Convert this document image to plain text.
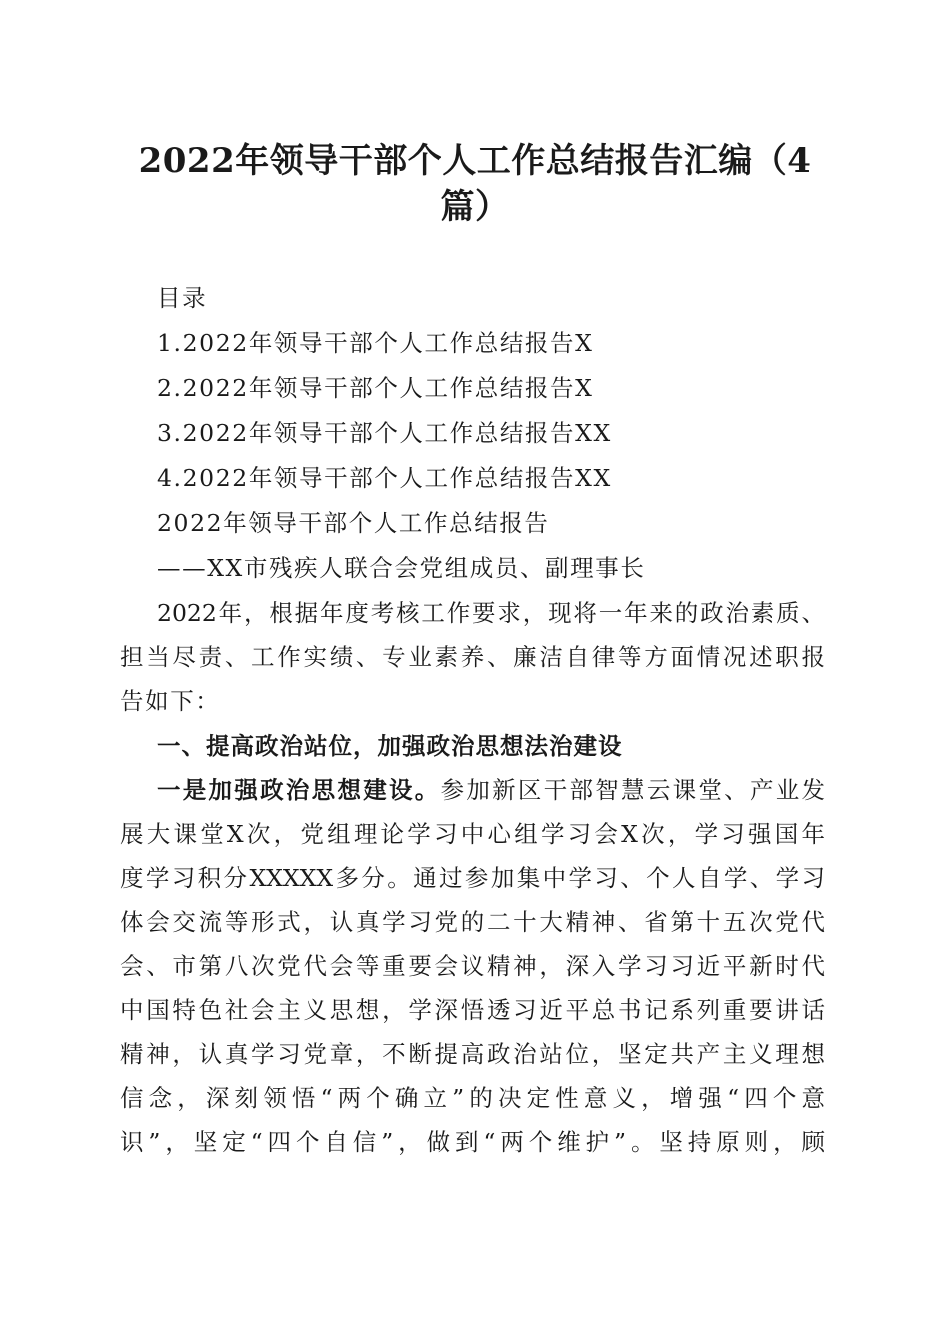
2022年领导干部个人工作总结报告汇编（4篇）
目录
1.2022年领导干部个人工作总结报告X
2.2022年领导干部个人工作总结报告X
3.2022年领导干部个人工作总结报告XX
4.2022年领导干部个人工作总结报告XX
2022年领导干部个人工作总结报告
——XX市残疾人联合会党组成员、副理事长
2022年，根据年度考核工作要求，现将一年来的政治素质、
担当尽责、工作实绩、专业素养、廉洁自律等方面情况述职报
告如下：
一、提高政治站位，加强政治思想法治建设
一是加强政治思想建设。参加新区干部智慧云课堂、产业发
展大课堂X次，党组理论学习中心组学习会X次，学习强国年
度学习积分XXXXX多分。通过参加集中学习、个人自学、学习
体会交流等形式，认真学习党的二十大精神、省第十五次党代
会、市第八次党代会等重要会议精神，深入学习习近平新时代
中国特色社会主义思想，学深悟透习近平总书记系列重要讲话
精神，认真学习党章，不断提高政治站位，坚定共产主义理想
信念，深刻领悟“两个确立”的决定性意义，增强“四个意
识”，坚定“四个自信”，做到“两个维护”。坚持原则，顾
